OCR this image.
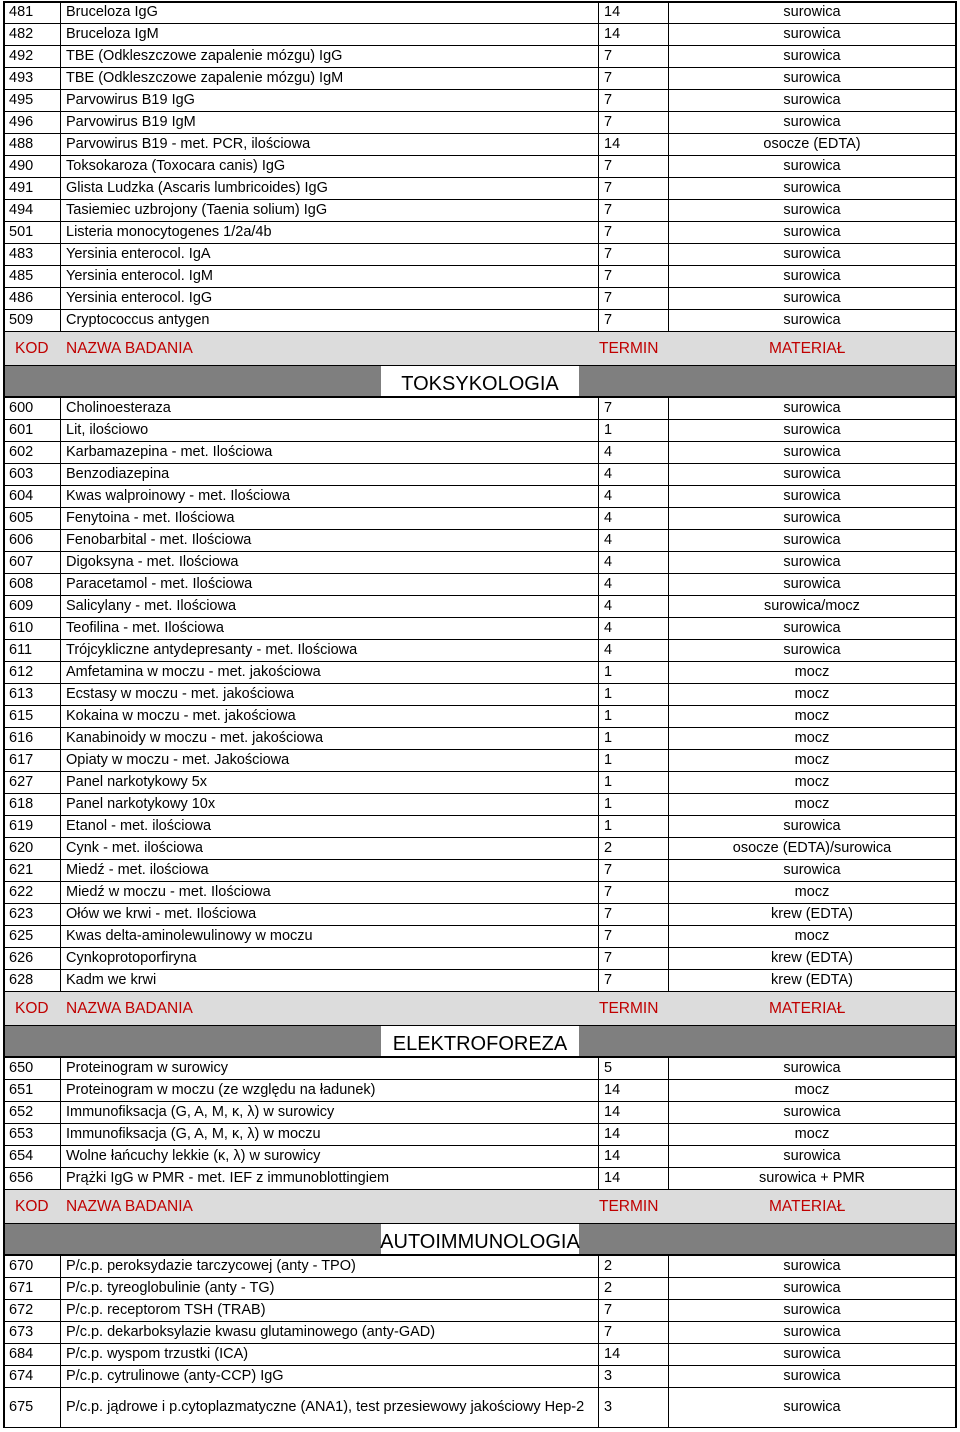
481	Bruceloza IgG	14	surowica
482	Bruceloza IgM	14	surowica
492	TBE (Odkleszczowe zapalenie mózgu) IgG	7	surowica
493	TBE (Odkleszczowe zapalenie mózgu) IgM	7	surowica
495	Parvowirus B19 IgG	7	surowica
496	Parvowirus B19 IgM	7	surowica
488	Parvowirus B19 - met. PCR, ilościowa	14	osocze (EDTA)
490	Toksokaroza (Toxocara canis) IgG	7	surowica
491	Glista Ludzka (Ascaris lumbricoides) IgG	7	surowica
494	Tasiemiec uzbrojony (Taenia solium) IgG	7	surowica
501	Listeria monocytogenes 1/2a/4b	7	surowica
483	Yersinia enterocol. IgA	7	surowica
485	Yersinia enterocol. IgM	7	surowica
486	Yersinia enterocol. IgG	7	surowica
509	Cryptococcus antygen	7	surowica
KOD	NAZWA BADANIA	TERMIN	MATERIAŁ
TOKSYKOLOGIA
600	Cholinoesteraza	7	surowica
601	Lit, ilościowo	1	surowica
602	Karbamazepina - met. Ilościowa	4	surowica
603	Benzodiazepina	4	surowica
604	Kwas walproinowy - met. Ilościowa	4	surowica
605	Fenytoina - met. Ilościowa	4	surowica
606	Fenobarbital - met. Ilościowa	4	surowica
607	Digoksyna - met. Ilościowa	4	surowica
608	Paracetamol - met. Ilościowa	4	surowica
609	Salicylany - met. Ilościowa	4	surowica/mocz
610	Teofilina - met. Ilościowa	4	surowica
611	Trójcykliczne antydepresanty - met. Ilościowa	4	surowica
612	Amfetamina w moczu - met. jakościowa	1	mocz
613	Ecstasy w moczu - met. jakościowa	1	mocz
615	Kokaina w moczu - met. jakościowa	1	mocz
616	Kanabinoidy w moczu - met. jakościowa	1	mocz
617	Opiaty w moczu - met. Jakościowa	1	mocz
627	Panel narkotykowy 5x	1	mocz
618	Panel narkotykowy 10x	1	mocz
619	Etanol - met. ilościowa	1	surowica
620	Cynk - met. ilościowa	2	osocze (EDTA)/surowica
621	Miedź - met. ilościowa	7	surowica
622	Miedź w moczu - met. Ilościowa	7	mocz
623	Ołów we krwi - met. Ilościowa	7	krew (EDTA)
625	Kwas delta-aminolewulinowy w moczu	7	mocz
626	Cynkoprotoporfiryna	7	krew (EDTA)
628	Kadm we krwi	7	krew (EDTA)
KOD	NAZWA BADANIA	TERMIN	MATERIAŁ
ELEKTROFOREZA
650	Proteinogram w surowicy	5	surowica
651	Proteinogram w moczu (ze względu na ładunek)	14	mocz
652	Immunofiksacja (G, A, M, κ, λ) w surowicy	14	surowica
653	Immunofiksacja (G, A, M, κ, λ) w moczu	14	mocz
654	Wolne łańcuchy lekkie (κ, λ) w surowicy	14	surowica
656	Prążki IgG w PMR - met. IEF z immunoblottingiem	14	surowica + PMR
KOD	NAZWA BADANIA	TERMIN	MATERIAŁ
AUTOIMMUNOLOGIA
670	P/c.p. peroksydazie tarczycowej (anty - TPO)	2	surowica
671	P/c.p. tyreoglobulinie (anty - TG)	2	surowica
672	P/c.p. receptorom TSH (TRAB)	7	surowica
673	P/c.p. dekarboksylazie kwasu glutaminowego (anty-GAD)	7	surowica
684	P/c.p. wyspom trzustki (ICA)	14	surowica
674	P/c.p. cytrulinowe (anty-CCP) IgG	3	surowica
675	P/c.p. jądrowe i p.cytoplazmatyczne (ANA1), test przesiewowy jakościowy Hep-2	3	surowica
